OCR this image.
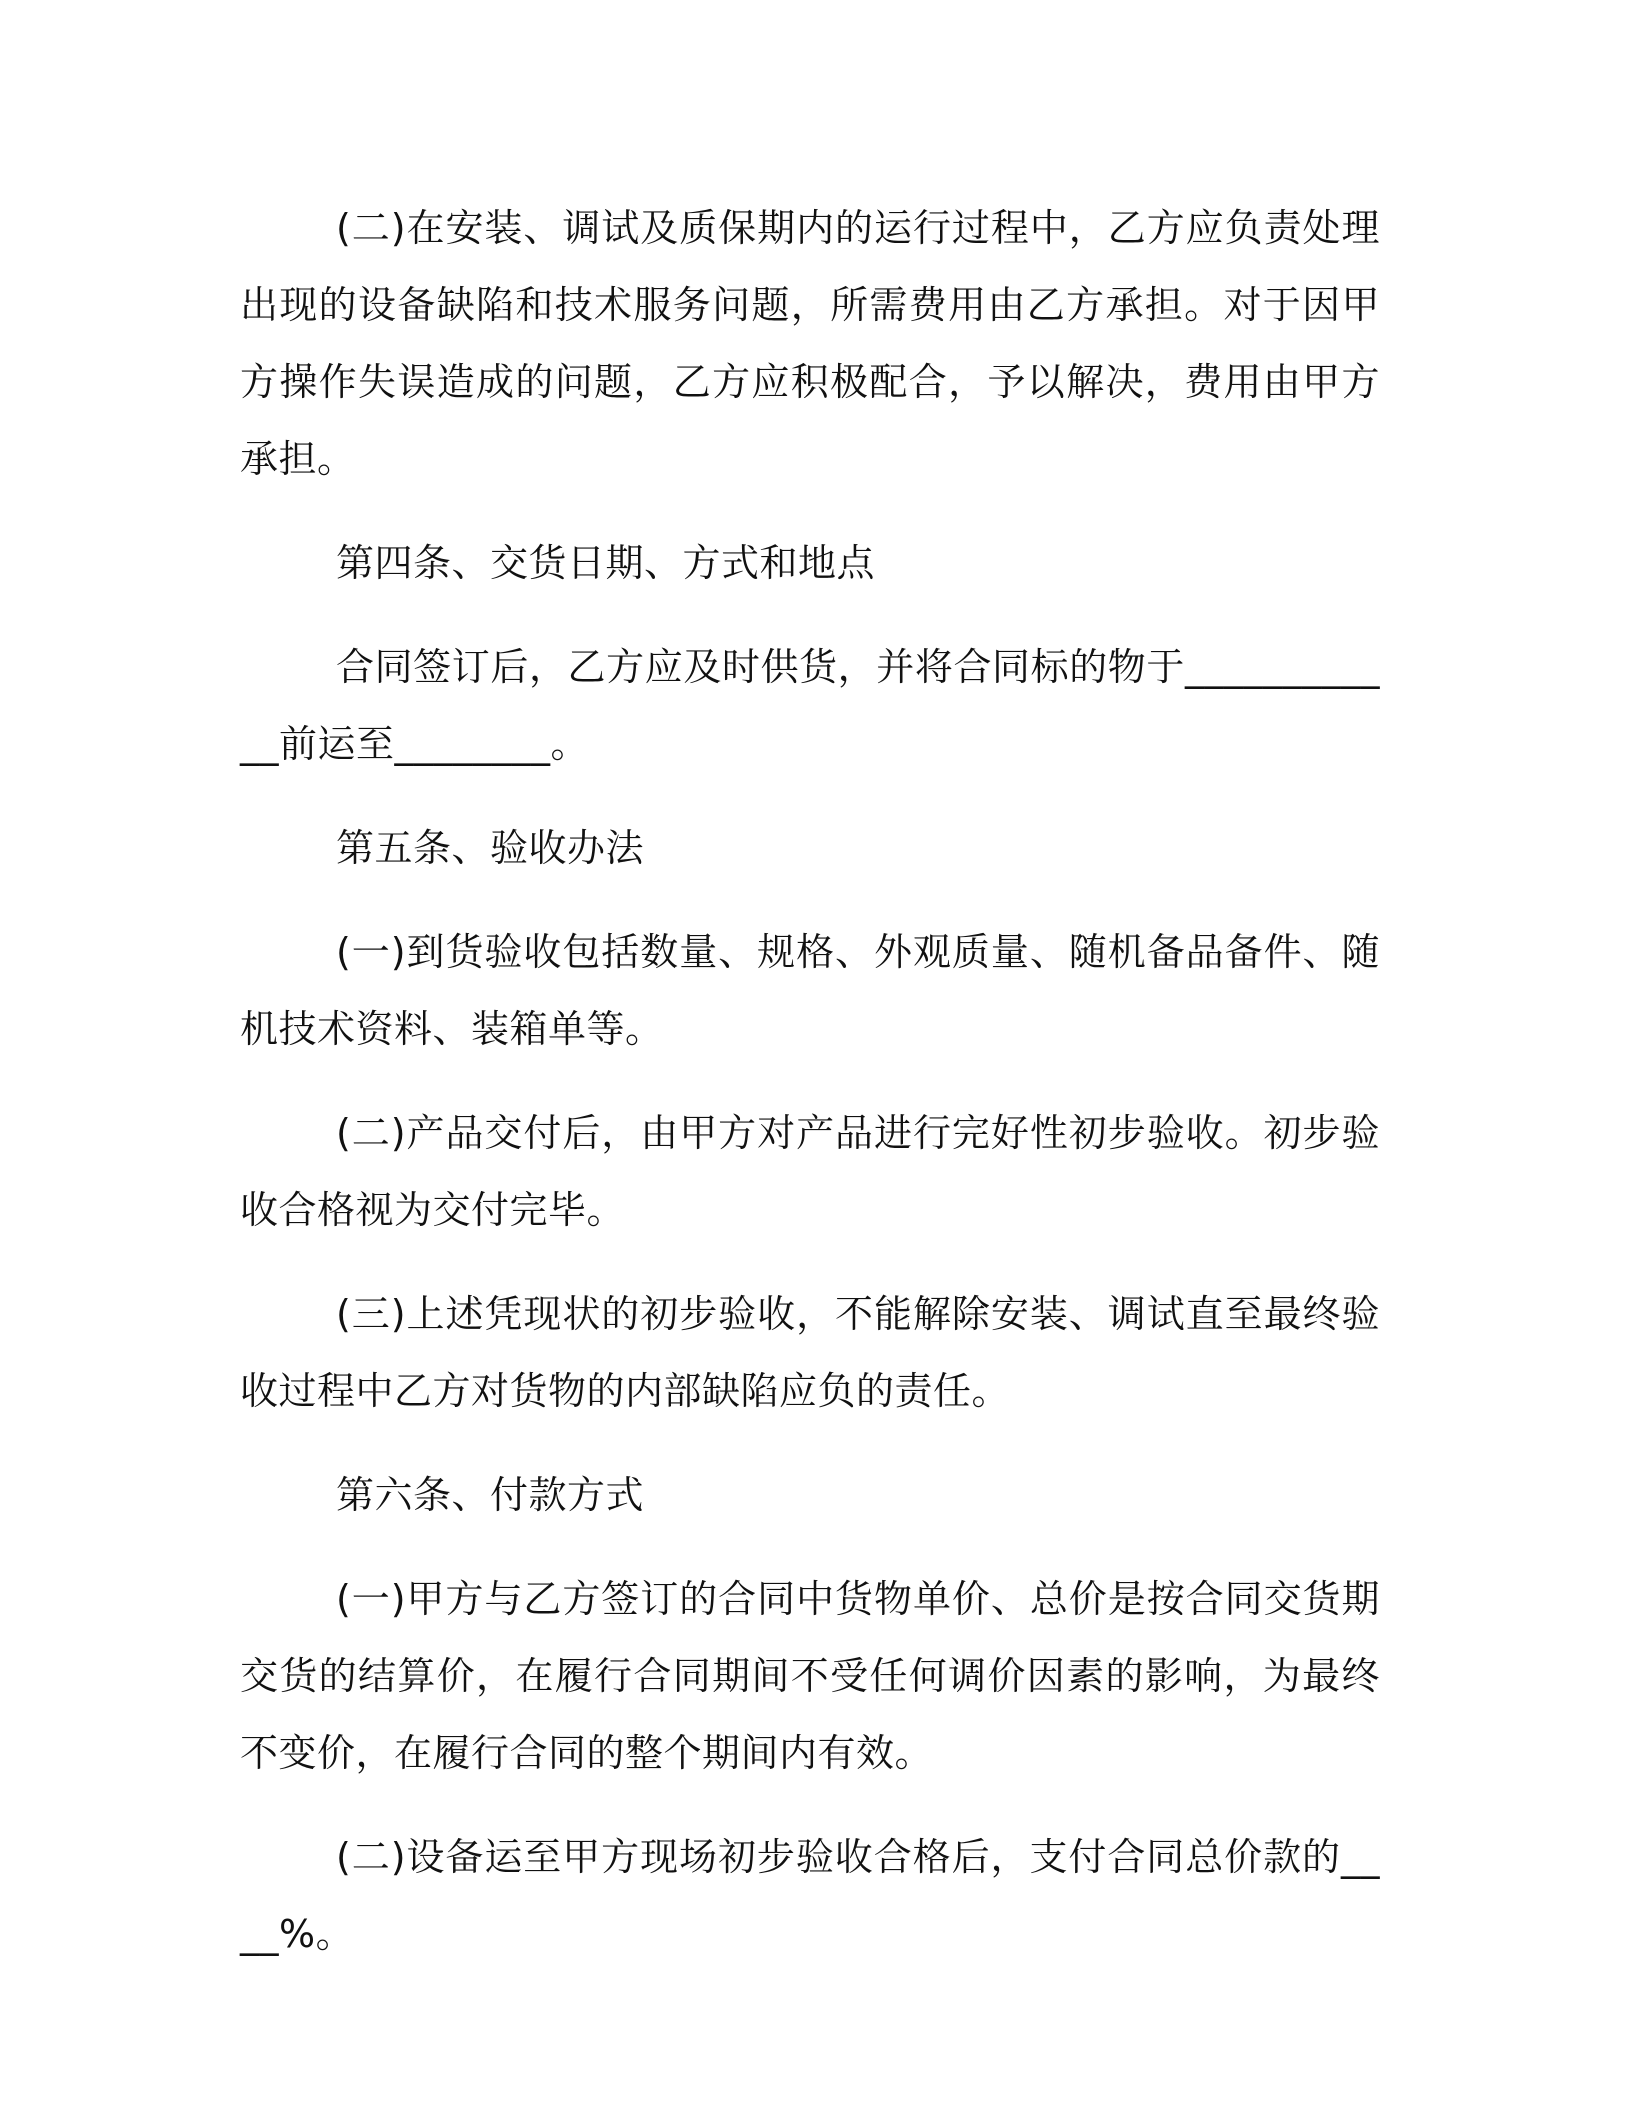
(二)在安装、调试及质保期内的运行过程中，乙方应负责处理出现的设备缺陷和技术服务问题，所需费用由乙方承担。对于因甲方操作失误造成的问题，乙方应积极配合，予以解决，费用由甲方承担。

第四条、交货日期、方式和地点

合同签订后，乙方应及时供货，并将合同标的物于____________前运至________。

第五条、验收办法

(一)到货验收包括数量、规格、外观质量、随机备品备件、随机技术资料、装箱单等。

(二)产品交付后，由甲方对产品进行完好性初步验收。初步验收合格视为交付完毕。

(三)上述凭现状的初步验收，不能解除安装、调试直至最终验收过程中乙方对货物的内部缺陷应负的责任。

第六条、付款方式

(一)甲方与乙方签订的合同中货物单价、总价是按合同交货期交货的结算价，在履行合同期间不受任何调价因素的影响，为最终不变价，在履行合同的整个期间内有效。

(二)设备运至甲方现场初步验收合格后，支付合同总价款的____%。
